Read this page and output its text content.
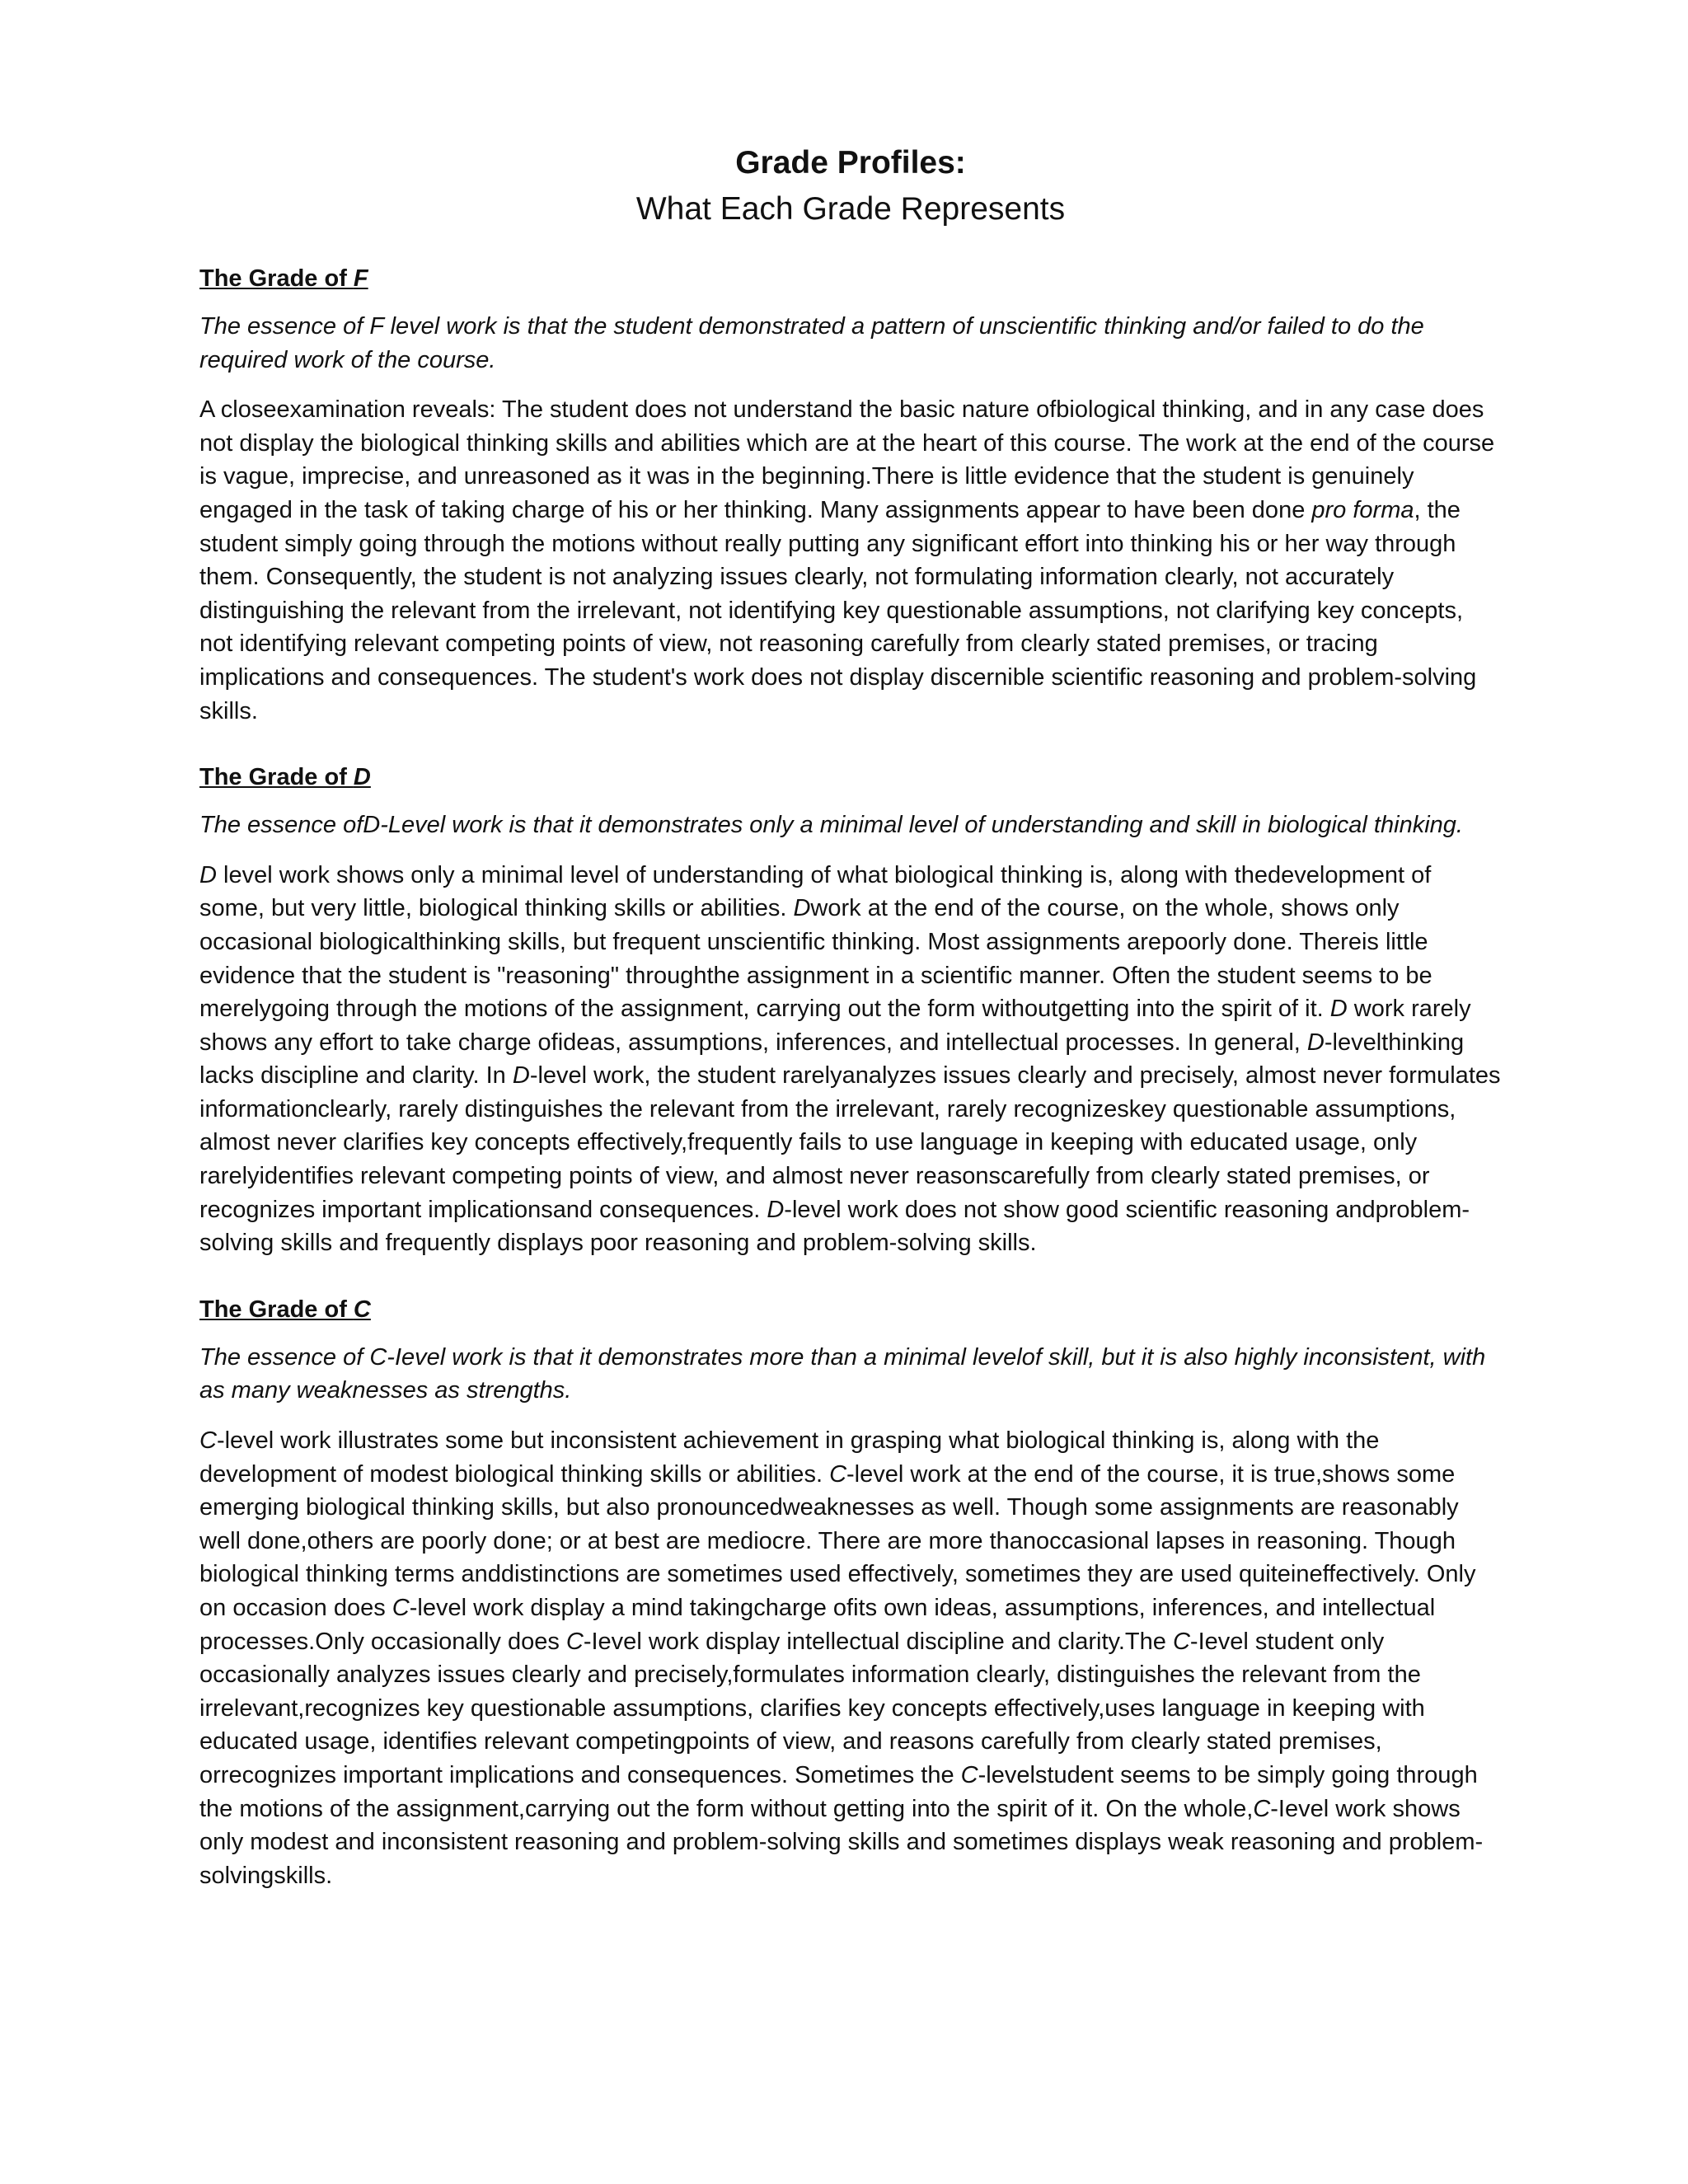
Grade Profiles:

What Each Grade Represents

The Grade of F

The essence of F level work is that the student demonstrated a pattern of unscientific thinking and/or failed to do the required work of the course.

A closeexamination reveals: The student does not understand the basic nature ofbiological thinking, and in any case does not display the biological thinking skills and abilities which are at the heart of this course. The work at the end of the course is vague, imprecise, and unreasoned as it was in the beginning.There is little evidence that the student is genuinely engaged in the task of taking charge of his or her thinking. Many assignments appear to have been done pro forma, the student simply going through the motions without really putting any significant effort into thinking his or her way through them. Consequently, the student is not analyzing issues clearly, not formulating information clearly, not accurately distinguishing the relevant from the irrelevant, not identifying key questionable assumptions, not clarifying key concepts, not identifying relevant competing points of view, not reasoning carefully from clearly stated premises, or tracing implications and consequences. The student's work does not display discernible scientific reasoning and problem-solving skills.

The Grade of D

The essence ofD-Level work is that it demonstrates only a minimal level of understanding and skill in biological thinking.

D level work shows only a minimal level of understanding of what biological thinking is, along with thedevelopment of some, but very little, biological thinking skills or abilities. Dwork at the end of the course, on the whole, shows only occasional biologicalthinking skills, but frequent unscientific thinking. Most assignments arepoorly done. Thereis little evidence that the student is "reasoning" throughthe assignment in a scientific manner. Often the student seems to be merelygoing through the motions of the assignment, carrying out the form withoutgetting into the spirit of it. D work rarely shows any effort to take charge ofideas, assumptions, inferences, and intellectual processes. In general, D-levelthinking lacks discipline and clarity. In D-level work, the student rarelyanalyzes issues clearly and precisely, almost never formulates informationclearly, rarely distinguishes the relevant from the irrelevant, rarely recognizeskey questionable assumptions, almost never clarifies key concepts effectively,frequently fails to use language in keeping with educated usage, only rarelyidentifies relevant competing points of view, and almost never reasonscarefully from clearly stated premises, or recognizes important implicationsand consequences. D-level work does not show good scientific reasoning andproblem-solving skills and frequently displays poor reasoning and problem-solving skills.

The Grade of C

The essence of C-Ievel work is that it demonstrates more than a minimal levelof skill, but it is also highly inconsistent, with as many weaknesses as strengths.

C-level work illustrates some but inconsistent achievement in grasping what biological thinking is, along with the development of modest biological thinking skills or abilities. C-level work at the end of the course, it is true,shows some emerging biological thinking skills, but also pronouncedweaknesses as well. Though some assignments are reasonably well done,others are poorly done; or at best are mediocre. There are more thanoccasional lapses in reasoning. Though biological thinking terms anddistinctions are sometimes used effectively, sometimes they are used quiteineffectively. Only on occasion does C-level work display a mind takingcharge ofits own ideas, assumptions, inferences, and intellectual processes.Only occasionally does C-Ievel work display intellectual discipline and clarity.The C-Ievel student only occasionally analyzes issues clearly and precisely,formulates information clearly, distinguishes the relevant from the irrelevant,recognizes key questionable assumptions, clarifies key concepts effectively,uses language in keeping with educated usage, identifies relevant competingpoints of view, and reasons carefully from clearly stated premises, orrecognizes important implications and consequences. Sometimes the C-levelstudent seems to be simply going through the motions of the assignment,carrying out the form without getting into the spirit of it. On the whole,C-Ievel work shows only modest and inconsistent reasoning and problem-solving skills and sometimes displays weak reasoning and problem-solvingskills.
